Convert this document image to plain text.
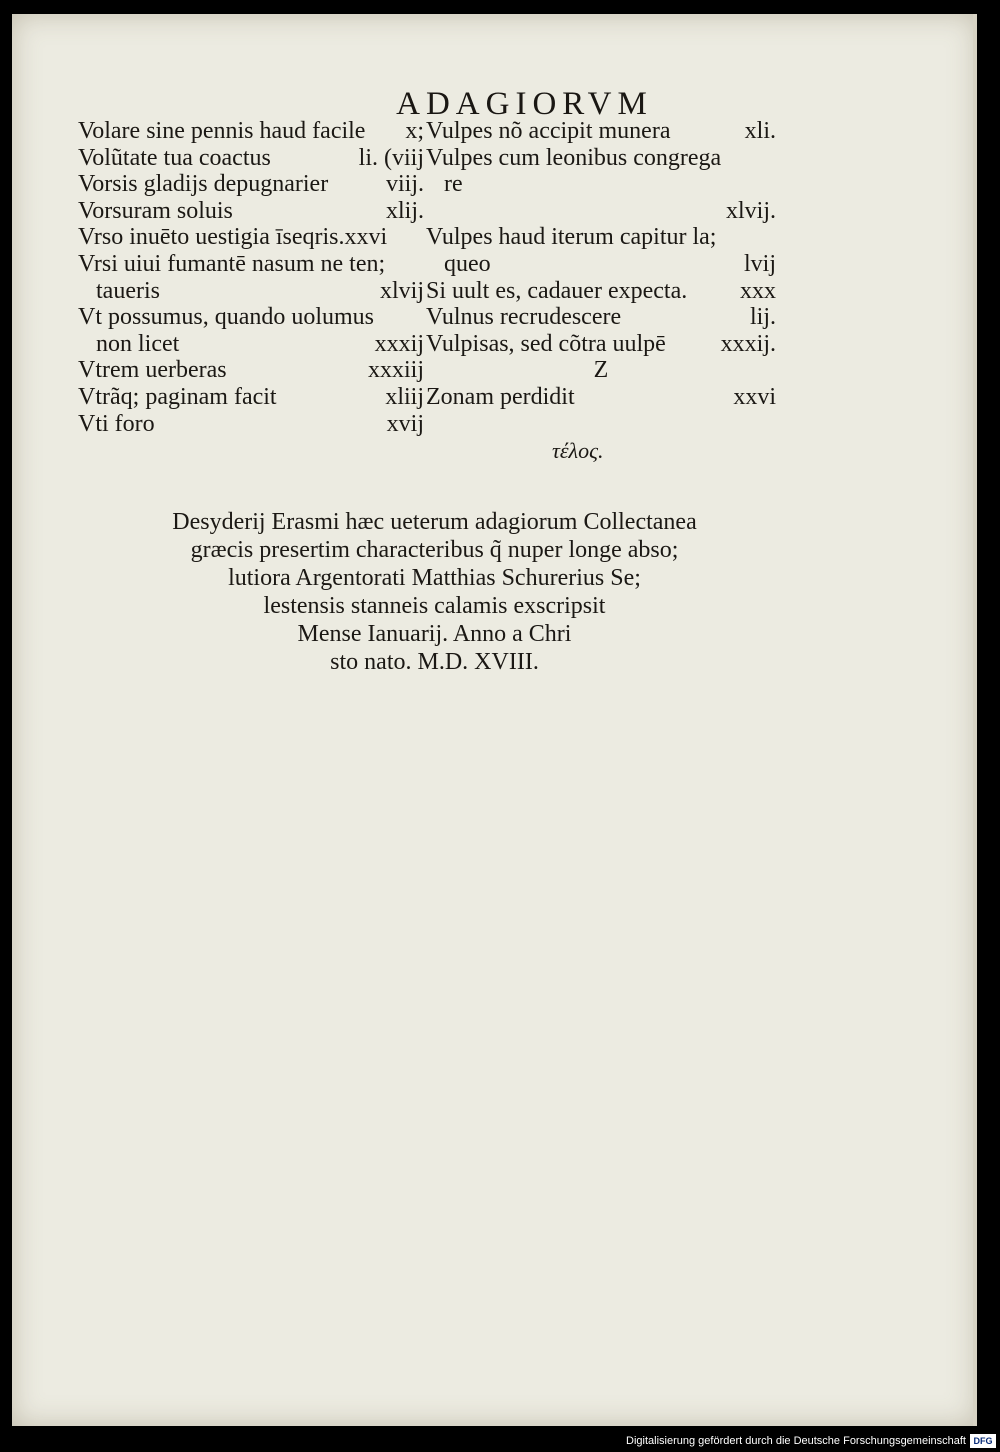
ADAGIORVM
Volare sine pennis haud facile x;
Volũtate tua coactus	li. (viij
Vorsis gladijs depugnarier viij.
Vorsuram soluis	xlij.
Vrso inuēto uestigia īseqris.xxvi
Vrsi uiui fumantē nasum ne ten;
taueris	xlvij
Vt possumus, quando uolumus
non licet	xxxij
Vtrem uerberas	xxxiij
Vtrãq; paginam facit	xliij
Vti foro	xvij
Vulpes nõ accipit munera	xli.
Vulpes cum leonibus congrega
re
xlvij.
Vulpes haud iterum capitur la;
queo	lvij
Si uult es, cadauer expecta. xxx
Vulnus recrudescere	lij.
Vulpisas, sed cõtra uulpē xxxij.
Z
Zonam perdidit	xxvi
τέλος.
Desyderij Erasmi hæc ueterum adagiorum Collectanea
græcis presertim characteribus q̃ nuper longe abso;
lutiora Argentorati Matthias Schurerius Se;
lestensis stanneis calamis exscripsit
Mense Ianuarij. Anno a Chri
sto nato. M.D. XVIII.
Digitalisierung gefördert durch die Deutsche Forschungsgemeinschaft DFG
